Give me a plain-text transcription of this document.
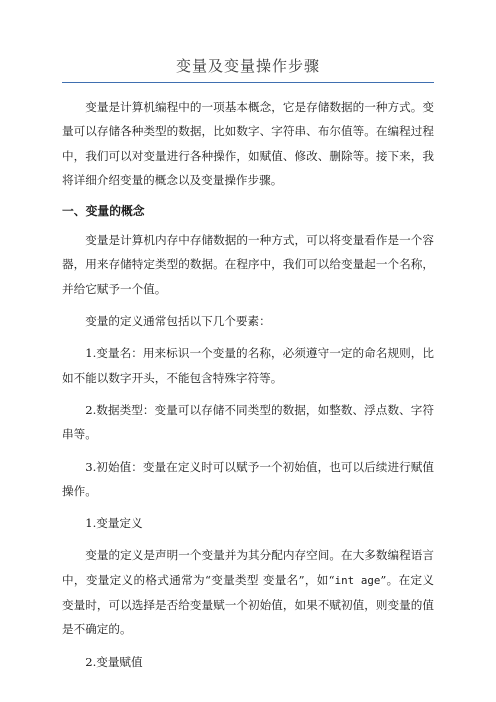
变量及变量操作步骤

变量是计算机编程中的一项基本概念，它是存储数据的一种方式。变量可以存储各种类型的数据，比如数字、字符串、布尔值等。在编程过程中，我们可以对变量进行各种操作，如赋值、修改、删除等。接下来，我将详细介绍变量的概念以及变量操作步骤。

一、变量的概念

变量是计算机内存中存储数据的一种方式，可以将变量看作是一个容器，用来存储特定类型的数据。在程序中，我们可以给变量起一个名称，并给它赋予一个值。

变量的定义通常包括以下几个要素：

1.变量名：用来标识一个变量的名称，必须遵守一定的命名规则，比如不能以数字开头，不能包含特殊字符等。

2.数据类型：变量可以存储不同类型的数据，如整数、浮点数、字符串等。

3.初始值：变量在定义时可以赋予一个初始值，也可以后续进行赋值操作。

1.变量定义

变量的定义是声明一个变量并为其分配内存空间。在大多数编程语言中，变量定义的格式通常为“变量类型 变量名”，如“int age”。在定义变量时，可以选择是否给变量赋一个初始值，如果不赋初值，则变量的值是不确定的。

2.变量赋值
